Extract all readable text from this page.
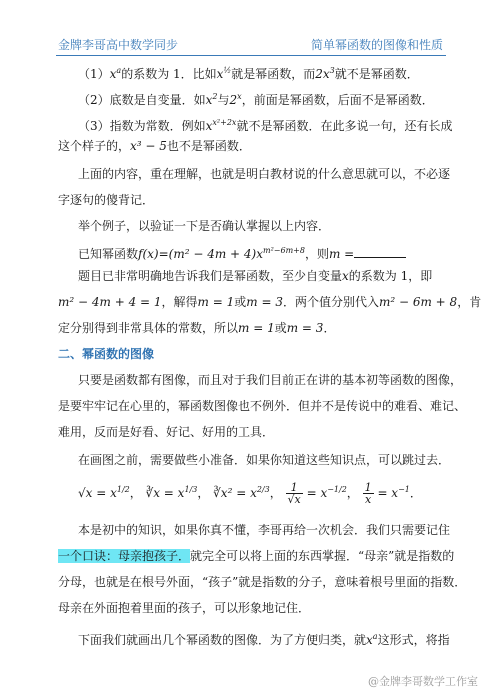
金牌李哥高中数学同步	简单幂函数的图像和性质
$(1)x^a$的系数为 1．比如$x^{\frac{1}{2}}$就是幂函数，而$2x^3$就不是幂函数．
（2）底数是自变量．如$x^2$与2$^x$，前面是幂函数，后面不是幂函数．
（3）指数为常数．例如$x^{x^2+2x}$就不是幂函数．在此多说一句，还有长成
这个样子的，x³ − 5也不是幂函数．
上面的内容，重在理解，也就是明白教材说的什么意思就可以，不必逐
字逐句的傻背记．
举个例子，以验证一下是否确认掌握以上内容．
已知幂函数$f(x)=(m^2 - 4m + 4)x^{m^2-6m+8}$，则m =
题目已非常明确地告诉我们是幂函数，至少自变量x的系数为 1，即
m² − 4m + 4 = 1，解得m = 1或m = 3．两个值分别代入m² − 6m + 8，肯
定分别得到非常具体的常数，所以m = 1或m = 3．
二、幂函数的图像
只要是函数都有图像，而且对于我们目前正在讲的基本初等函数的图像，
是要牢牢记在心里的，幂函数图像也不例外．但并不是传说中的难看、难记、
难用，反而是好看、好记、好用的工具．
在画图之前，需要做些小准备．如果你知道这些知识点，可以跳过去．
$√x = x^{1/2}$， ∛x = $x^{1/3}$， ∛x² = $x^{2/3}$， $\frac{1}{√x} = x^{-1/2}$， $\frac{1}{x} = x^{-1}$．
本是初中的知识，如果你真不懂，李哥再给一次机会．我们只需要记住
一个口诀：母亲抱孩子．就完全可以将上面的东西掌握．“母亲”就是指数的
分母，也就是在根号外面，“孩子”就是指数的分子，意味着根号里面的指数．
母亲在外面抱着里面的孩子，可以形象地记住．
下面我们就画出几个幂函数的图像．为了方便归类，就$x^a$这形式，将指
@金牌李哥数学工作室
